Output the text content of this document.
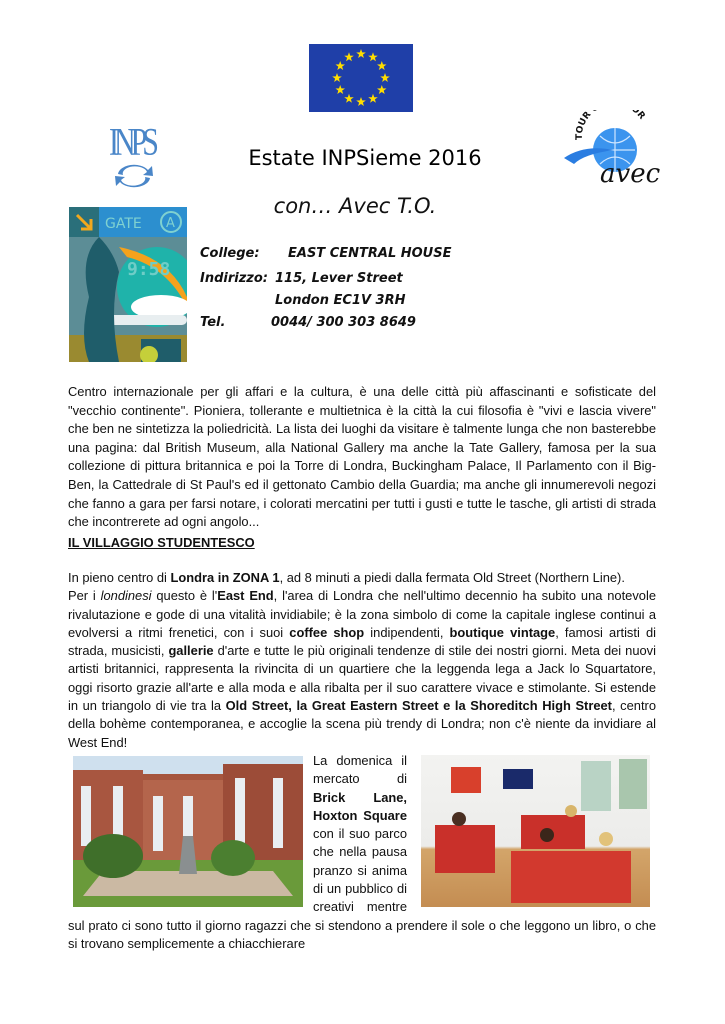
INPS	Estate INPSieme 2016
TOUR OR
avec
con… Avec T.O.
GATE A
9:58
College: EAST CENTRAL HOUSE
Indirizzo: 115, Lever Street
London EC1V 3RH
Tel.	0044/ 300 303 8649
Centro internazionale per gli affari e la cultura, è una delle città più affascinanti e sofisticate del "vecchio continente". Pioniera, tollerante e multietnica è la città la cui filosofia è "vivi e lascia vivere" che ben ne sintetizza la poliedricità. La lista dei luoghi da visitare è talmente lunga che non basterebbe una pagina: dal British Museum, alla National Gallery ma anche la Tate Gallery, famosa per la sua collezione di pittura britannica e poi la Torre di Londra, Buckingham Palace, Il Parlamento con il Big-Ben, la Cattedrale di St Paul's ed il gettonato Cambio della Guardia; ma anche gli innumerevoli negozi che fanno a gara per farsi notare, i colorati mercatini per tutti i gusti e tutte le tasche, gli artisti di strada che incontrerete ad ogni angolo...
IL VILLAGGIO STUDENTESCO
In pieno centro di Londra in ZONA 1, ad 8 minuti a piedi dalla fermata Old Street (Northern Line).
Per i londinesi questo è l'East End, l'area di Londra che nell'ultimo decennio ha subito una notevole rivalutazione e gode di una vitalità invidiabile; è la zona simbolo di come la capitale inglese
continui a evolversi a ritmi frenetici, con i suoi coffee shop indipendenti, boutique vintage, famosi artisti di strada, musicisti, gallerie d'arte e tutte le più originali tendenze di stile dei nostri giorni. Meta dei nuovi artisti britannici, rappresenta la rivincita di un quartiere che la leggenda lega a Jack lo Squartatore, oggi risorto grazie all'arte e alla moda e alla ribalta per il suo carattere vivace e stimolante. Si estende in un triangolo di vie tra la Old Street, la Great Eastern Street e la Shoreditch High Street, centro della bohème contemporanea, e accoglie la scena più trendy di Londra; non c'è niente da invidiare al West End!
La domenica il mercato di Brick Lane, Hoxton Square con il suo parco che nella pausa pranzo si anima di un pubblico di creativi mentre sul prato ci sono tutto il giorno ragazzi che si stendono a prendere il sole o che leggono un libro, o che si trovano semplicemente a chiacchierare
